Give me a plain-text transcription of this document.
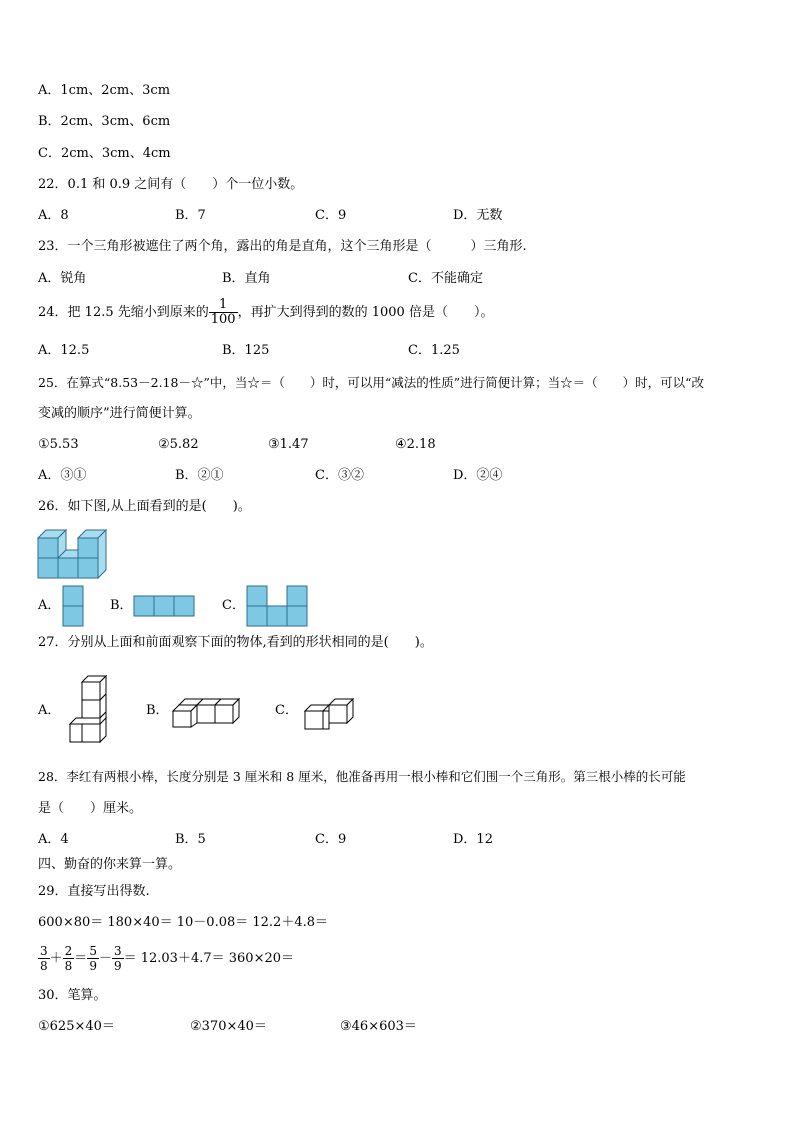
A．1cm、2cm、3cm
B．2cm、3cm、6cm
C．2cm、3cm、4cm
22．0.1 和 0.9 之间有（　　）个一位小数。
A．8	B．7	C．9	D．无数
23．一个三角形被遮住了两个角，露出的角是直角，这个三角形是（　　　）三角形.
A．锐角	B．直角	C．不能确定
24．把 12.5 先缩小到原来的 $\frac{1}{100}$ ，再扩大到得到的数的 1000 倍是（　　）。
A．12.5	B．125	C．1.25
25．在算式“8.53－2.18－☆”中，当☆＝（　　）时，可以用“减法的性质”进行简便计算；当☆＝（　　）时，可以“改
变减的顺序”进行简便计算。
①5.53	②5.82	③1.47	④2.18
A．③①	B．②①	C．③②	D．②④
26．如下图,从上面看到的是(　　)。
A．	B．	C．
27．分别从上面和前面观察下面的物体,看到的形状相同的是(　　)。
A．	B．	C．
28．李红有两根小棒，长度分别是 3 厘米和 8 厘米，他准备再用一根小棒和它们围一个三角形。第三根小棒的长可能
是（　　）厘米。
A．4	B．5	C．9	D．12
四、勤奋的你来算一算。
29．直接写出得数.
600×80＝ 180×40＝ 10－0.08＝ 12.2＋4.8＝
$\frac{3}{8} + \frac{2}{8} = \frac{5}{9} - \frac{3}{9} = 12.03+4.7= 360\times 20=$
30．笔算。
①625×40＝	②370×40＝	③46×603＝
